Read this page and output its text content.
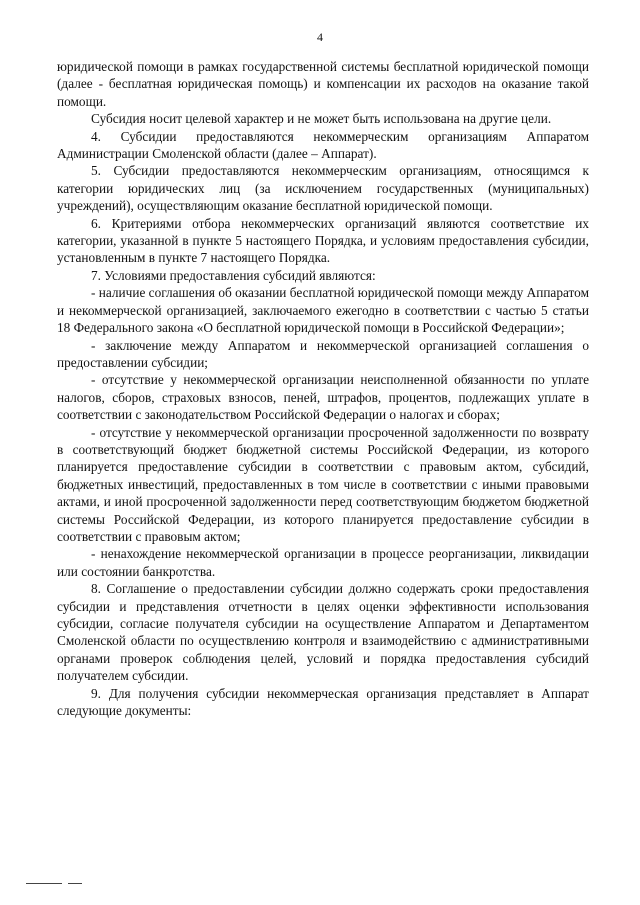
4

юридической помощи в рамках государственной системы бесплатной юридической помощи (далее - бесплатная юридическая помощь) и компенсации их расходов на оказание такой помощи.

Субсидия носит целевой характер и не может быть использована на другие цели.

4. Субсидии предоставляются некоммерческим организациям Аппаратом Администрации Смоленской области (далее – Аппарат).

5. Субсидии предоставляются некоммерческим организациям, относящимся к категории юридических лиц (за исключением государственных (муниципальных) учреждений), осуществляющим оказание бесплатной юридической помощи.

6. Критериями отбора некоммерческих организаций являются соответствие их категории, указанной в пункте 5 настоящего Порядка, и условиям предоставления субсидии, установленным в пункте 7 настоящего Порядка.

7. Условиями предоставления субсидий являются:

- наличие соглашения об оказании бесплатной юридической помощи между Аппаратом и некоммерческой организацией, заключаемого ежегодно в соответствии с частью 5 статьи 18 Федерального закона «О бесплатной юридической помощи в Российской Федерации»;

- заключение между Аппаратом и некоммерческой организацией соглашения о предоставлении субсидии;

- отсутствие у некоммерческой организации неисполненной обязанности по уплате налогов, сборов, страховых взносов, пеней, штрафов, процентов, подлежащих уплате в соответствии с законодательством Российской Федерации о налогах и сборах;

- отсутствие у некоммерческой организации просроченной задолженности по возврату в соответствующий бюджет бюджетной системы Российской Федерации, из которого планируется предоставление субсидии в соответствии с правовым актом, субсидий, бюджетных инвестиций, предоставленных в том числе в соответствии с иными правовыми актами, и иной просроченной задолженности перед соответствующим бюджетом бюджетной системы Российской Федерации, из которого планируется предоставление субсидии в соответствии с правовым актом;

- ненахождение некоммерческой организации в процессе реорганизации, ликвидации или состоянии банкротства.

8. Соглашение о предоставлении субсидии должно содержать сроки предоставления субсидии и представления отчетности в целях оценки эффективности использования субсидии, согласие получателя субсидии на осуществление Аппаратом и Департаментом Смоленской области по осуществлению контроля и взаимодействию с административными органами проверок соблюдения целей, условий и порядка предоставления субсидий получателем субсидии.

9. Для получения субсидии некоммерческая организация представляет в Аппарат следующие документы:
